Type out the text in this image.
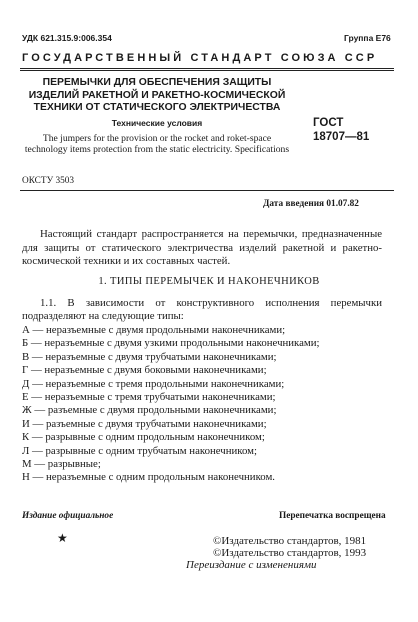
УДК 621.315.9:006.354	Группа Е76
ГОСУДАРСТВЕННЫЙ СТАНДАРТ СОЮЗА ССР
ПЕРЕМЫЧКИ ДЛЯ ОБЕСПЕЧЕНИЯ ЗАЩИТЫ
ИЗДЕЛИЙ РАКЕТНОЙ И РАКЕТНО-КОСМИЧЕСКОЙ
ТЕХНИКИ ОТ СТАТИЧЕСКОГО ЭЛЕКТРИЧЕСТВА
Технические условия
The jumpers for the provision or the rocket and roket-space technology items protection from the static electricity. Specifications
ГОСТ
18707—81
ОКСТУ 3503
Дата введения 01.07.82
Настоящий стандарт распространяется на перемычки, предназначенные для защиты от статического электричества изделий ракетной и ракетно-космической техники и их составных частей.
1. ТИПЫ ПЕРЕМЫЧЕК И НАКОНЕЧНИКОВ
1.1. В зависимости от конструктивного исполнения перемычки подразделяют на следующие типы:
А — неразъемные с двумя продольными наконечниками;
Б — неразъемные с двумя узкими продольными наконечниками;
В — неразъемные с двумя трубчатыми наконечниками;
Г — неразъемные с двумя боковыми наконечниками;
Д — неразъемные с тремя продольными наконечниками;
Е — неразъемные с тремя трубчатыми наконечниками;
Ж — разъемные с двумя продольными наконечниками;
И — разъемные с двумя трубчатыми наконечниками;
К — разрывные с одним продольным наконечником;
Л — разрывные с одним трубчатым наконечником;
М — разрывные;
Н — неразъемные с одним продольным наконечником.
Издание официальное	Перепечатка воспрещена
★	©Издательство стандартов, 1981
©Издательство стандартов, 1993
Переиздание с изменениями
